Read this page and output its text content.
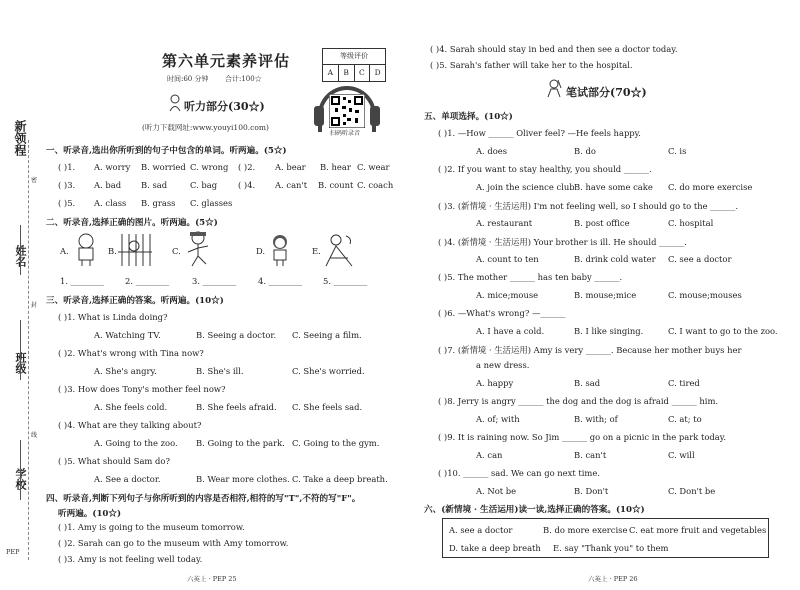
新领程
姓名
班级
学校
密
封
线
PEP
第六单元素养评估
时间:60 分钟 合计:100☆
等级评价
A	B	C	D
扫码听录音
听力部分(30☆)
(听力下载网址:www.youyi100.com)
一、听录音,选出你所听到的句子中包含的单词。听两遍。(5☆)
( )1. A. worry B. worried C. wrong ( )2. A. bear B. hear C. wear
( )3. A. bad B. sad	C. bag ( )4. A. can't B. count C. coach
( )5. A. class B. grass C. glasses
二、听录音,选择正确的图片。听两遍。(5☆)
A.	B.	C.	D.	E.
1. ________ 2. ________	3. ________	4. ________ 5. ________
三、听录音,选择正确的答案。听两遍。(10☆)
( )1. What is Linda doing?
A. Watching TV.	B. Seeing a doctor. C. Seeing a film.
( )2. What's wrong with Tina now?
A. She's angry.	B. She's ill.	C. She's worried.
( )3. How does Tony's mother feel now?
A. She feels cold.	B. She feels afraid. C. She feels sad.
( )4. What are they talking about?
A. Going to the zoo. B. Going to the park. C. Going to the gym.
( )5. What should Sam do?
A. See a doctor.	B. Wear more clothes. C. Take a deep breath.
四、听录音,判断下列句子与你所听到的内容是否相符,相符的写"T",不符的写"F"。
听两遍。(10☆)
( )1. Amy is going to the museum tomorrow.
( )2. Sarah can go to the museum with Amy tomorrow.
( )3. Amy is not feeling well today.
六英上 · PEP 25
( )4. Sarah should stay in bed and then see a doctor today.
( )5. Sarah's father will take her to the hospital.
笔试部分(70☆)
五、单项选择。(10☆)
( )1. —How ______ Oliver feel? —He feels happy.
A. does	B. do	C. is
( )2. If you want to stay healthy, you should ______.
A. join the science club B. have some cake C. do more exercise
( )3. (新情境 · 生活运用) I'm not feeling well, so I should go to the ______.
A. restaurant	B. post office	C. hospital
( )4. (新情境 · 生活运用) Your brother is ill. He should ______.
A. count to ten	B. drink cold water C. see a doctor
( )5. The mother ______ has ten baby ______.
A. mice;mouse	B. mouse;mice	C. mouse;mouses
( )6. —What's wrong? —______
A. I have a cold.	B. I like singing.	C. I want to go to the zoo.
( )7. (新情境 · 生活运用) Amy is very ______. Because her mother buys her
a new dress.
A. happy	B. sad	C. tired
( )8. Jerry is angry ______ the dog and the dog is afraid ______ him.
A. of; with	B. with; of	C. at; to
( )9. It is raining now. So Jim ______ go on a picnic in the park today.
A. can	B. can't	C. will
( )10. ______ sad. We can go next time.
A. Not be	B. Don't	C. Don't be
六、(新情境 · 生活运用)读一读,选择正确的答案。(10☆)
A. see a doctor	B. do more exercise C. eat more fruit and vegetables
D. take a deep breath E. say "Thank you" to them
六英上 · PEP 26
